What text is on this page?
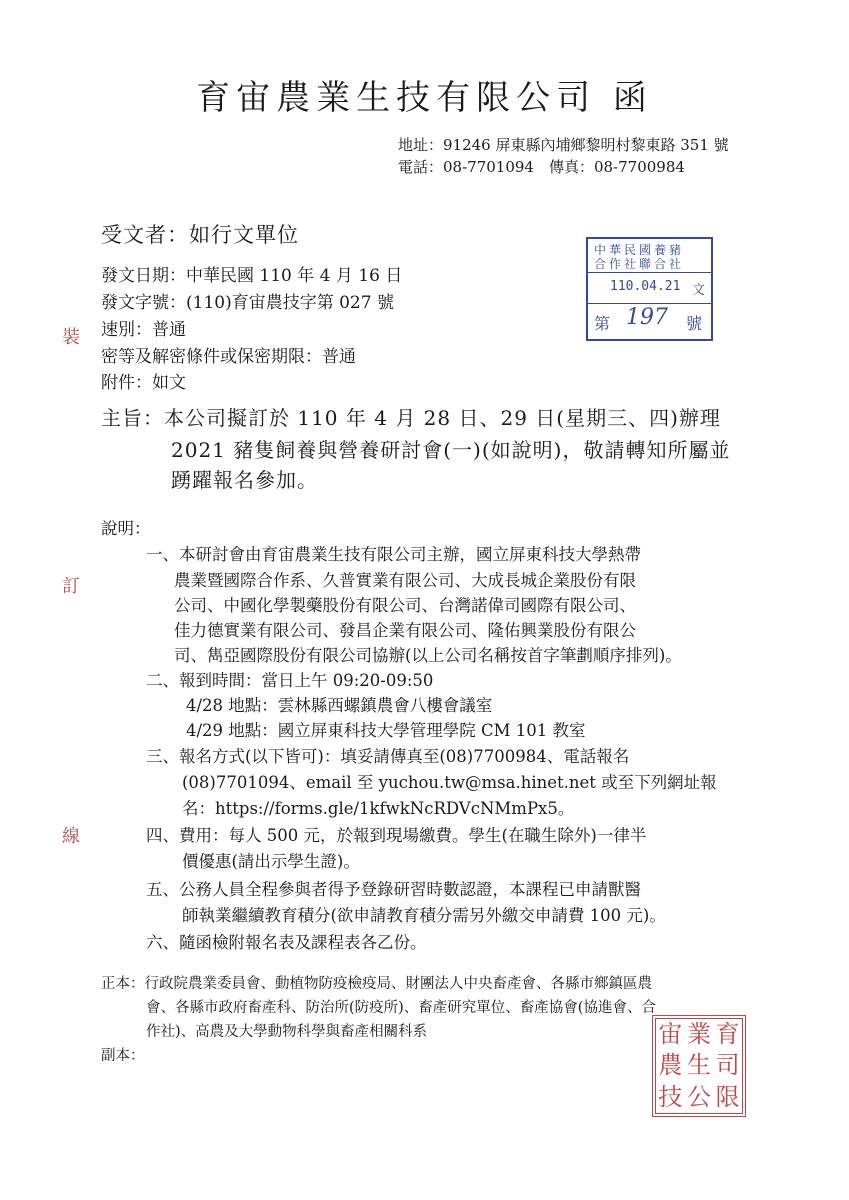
育宙農業生技有限公司 函
地址：91246 屏東縣內埔鄉黎明村黎東路 351 號
電話：08-7701094　傳真：08-7700984
裝
訂
線
受文者：如行文單位
發文日期：中華民國 110 年 4 月 16 日
發文字號：(110)育宙農技字第 027 號
速別：普通
密等及解密條件或保密期限：普通
附件：如文
中華民國養豬
合作社聯合社
110.04.21 文
第 197 號
主旨：本公司擬訂於 110 年 4 月 28 日、29 日(星期三、四)辦理
2021 豬隻飼養與營養研討會(一)(如說明)，敬請轉知所屬並
踴躍報名參加。
說明：
一、本研討會由育宙農業生技有限公司主辦，國立屏東科技大學熱帶
農業暨國際合作系、久普實業有限公司、大成長城企業股份有限
公司、中國化學製藥股份有限公司、台灣諾偉司國際有限公司、
佳力德實業有限公司、發昌企業有限公司、隆佑興業股份有限公
司、雋亞國際股份有限公司協辦(以上公司名稱按首字筆劃順序排列)。
二、報到時間：當日上午 09:20-09:50
4/28 地點：雲林縣西螺鎮農會八樓會議室
4/29 地點：國立屏東科技大學管理學院 CM 101 教室
三、報名方式(以下皆可)：填妥請傳真至(08)7700984、電話報名
(08)7701094、email 至 yuchou.tw@msa.hinet.net 或至下列網址報
名：https://forms.gle/1kfwkNcRDVcNMmPx5。
四、費用：每人 500 元，於報到現場繳費。學生(在職生除外)一律半
價優惠(請出示學生證)。
五、公務人員全程參與者得予登錄研習時數認證，本課程已申請獸醫
師執業繼續教育積分(欲申請教育積分需另外繳交申請費 100 元)。
六、隨函檢附報名表及課程表各乙份。
正本：行政院農業委員會、動植物防疫檢疫局、財團法人中央畜產會、各縣市鄉鎮區農
會、各縣市政府畜產科、防治所(防疫所)、畜產研究單位、畜產協會(協進會、合
作社)、高農及大學動物科學與畜產相關科系
副本：
宙 業 育
農 生 司
技 公 限
